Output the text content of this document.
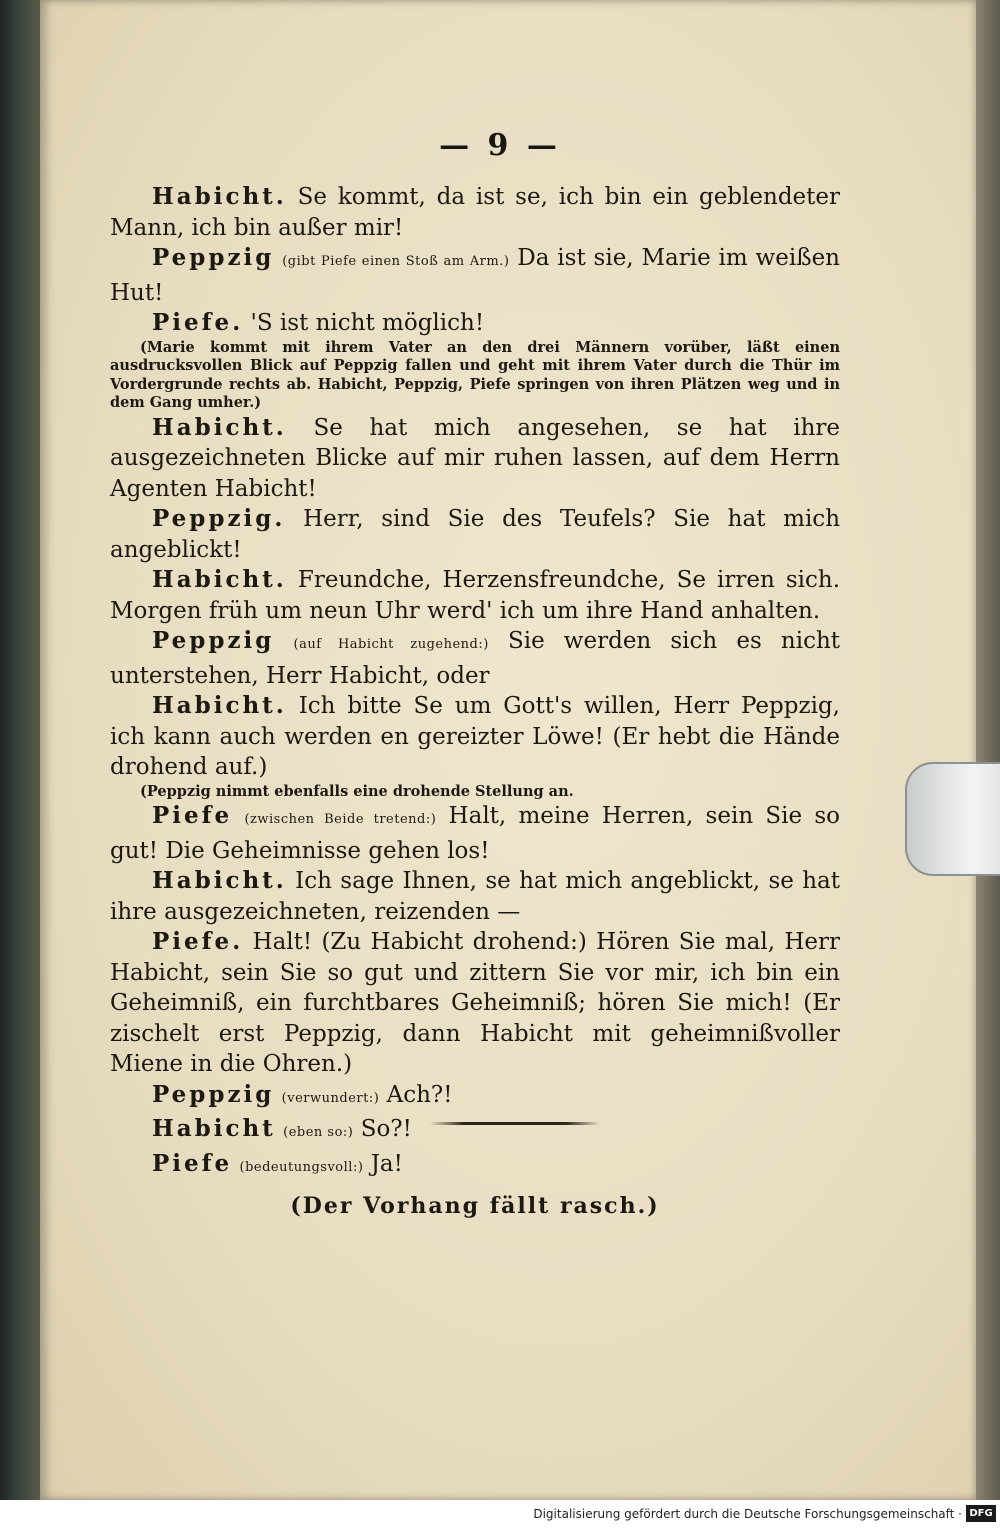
— 9 —

Habicht. Se kommt, da ist se, ich bin ein geblendeter Mann, ich bin außer mir!

Peppzig (gibt Piefe einen Stoß am Arm.) Da ist sie, Marie im weißen Hut!

Piefe. 'S ist nicht möglich!

(Marie kommt mit ihrem Vater an den drei Männern vorüber, läßt einen ausdrucksvollen Blick auf Peppzig fallen und geht mit ihrem Vater durch die Thür im Vordergrunde rechts ab. Habicht, Peppzig, Piefe springen von ihren Plätzen weg und in dem Gang umher.)

Habicht. Se hat mich angesehen, se hat ihre ausgezeichneten Blicke auf mir ruhen lassen, auf dem Herrn Agenten Habicht!

Peppzig. Herr, sind Sie des Teufels? Sie hat mich angeblickt!

Habicht. Freundche, Herzensfreundche, Se irren sich. Morgen früh um neun Uhr werd' ich um ihre Hand anhalten.

Peppzig (auf Habicht zugehend:) Sie werden sich es nicht unterstehen, Herr Habicht, oder

Habicht. Ich bitte Se um Gott's willen, Herr Peppzig, ich kann auch werden en gereizter Löwe! (Er hebt die Hände drohend auf.)

(Peppzig nimmt ebenfalls eine drohende Stellung an.

Piefe (zwischen Beide tretend:) Halt, meine Herren, sein Sie so gut! Die Geheimnisse gehen los!

Habicht. Ich sage Ihnen, se hat mich angeblickt, se hat ihre ausgezeichneten, reizenden —

Piefe. Halt! (Zu Habicht drohend:) Hören Sie mal, Herr Habicht, sein Sie so gut und zittern Sie vor mir, ich bin ein Geheimniß, ein furchtbares Geheimniß; hören Sie mich! (Er zischelt erst Peppzig, dann Habicht mit geheimnißvoller Miene in die Ohren.)

Peppzig (verwundert:) Ach?!

Habicht (eben so:) So?!

Piefe (bedeutungsvoll:) Ja!

(Der Vorhang fällt rasch.)
Digitalisierung gefördert durch die Deutsche Forschungsgemeinschaft · DFG
